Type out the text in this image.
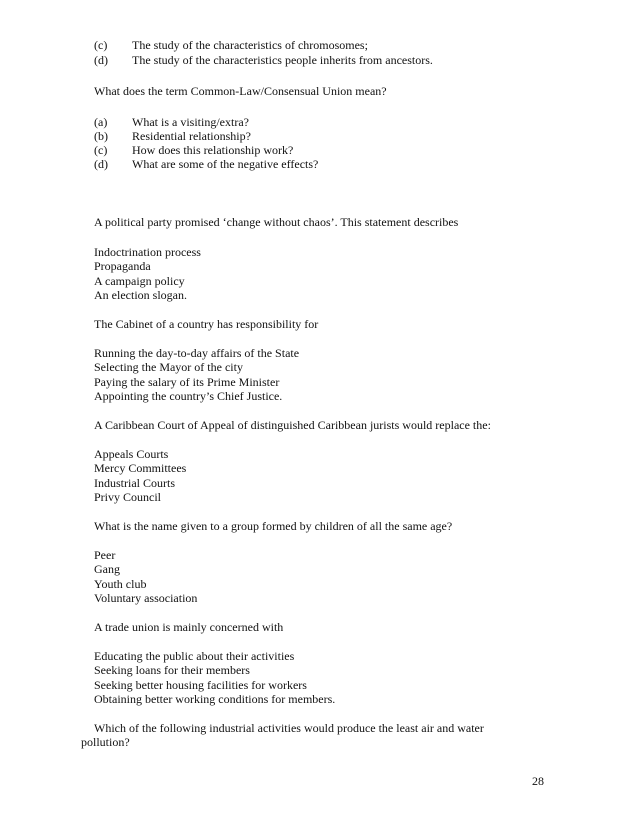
(c) The study of the characteristics of chromosomes;
(d) The study of the characteristics people inherits from ancestors.
What does the term Common-Law/Consensual Union mean?
(a) What is a visiting/extra?
(b) Residential relationship?
(c) How does this relationship work?
(d) What are some of the negative effects?
A political party promised ‘change without chaos’. This statement describes
Indoctrination process
Propaganda
A campaign policy
An election slogan.
The Cabinet of a country has responsibility for
Running the day-to-day affairs of the State
Selecting the Mayor of the city
Paying the salary of its Prime Minister
Appointing the country’s Chief Justice.
A Caribbean Court of Appeal of distinguished Caribbean jurists would replace the:
Appeals Courts
Mercy Committees
Industrial Courts
Privy Council
What is the name given to a group formed by children of all the same age?
Peer
Gang
Youth club
Voluntary association
A trade union is mainly concerned with
Educating the public about their activities
Seeking loans for their members
Seeking better housing facilities for workers
Obtaining better working conditions for members.
Which of the following industrial activities would produce the least air and water
pollution?
28
